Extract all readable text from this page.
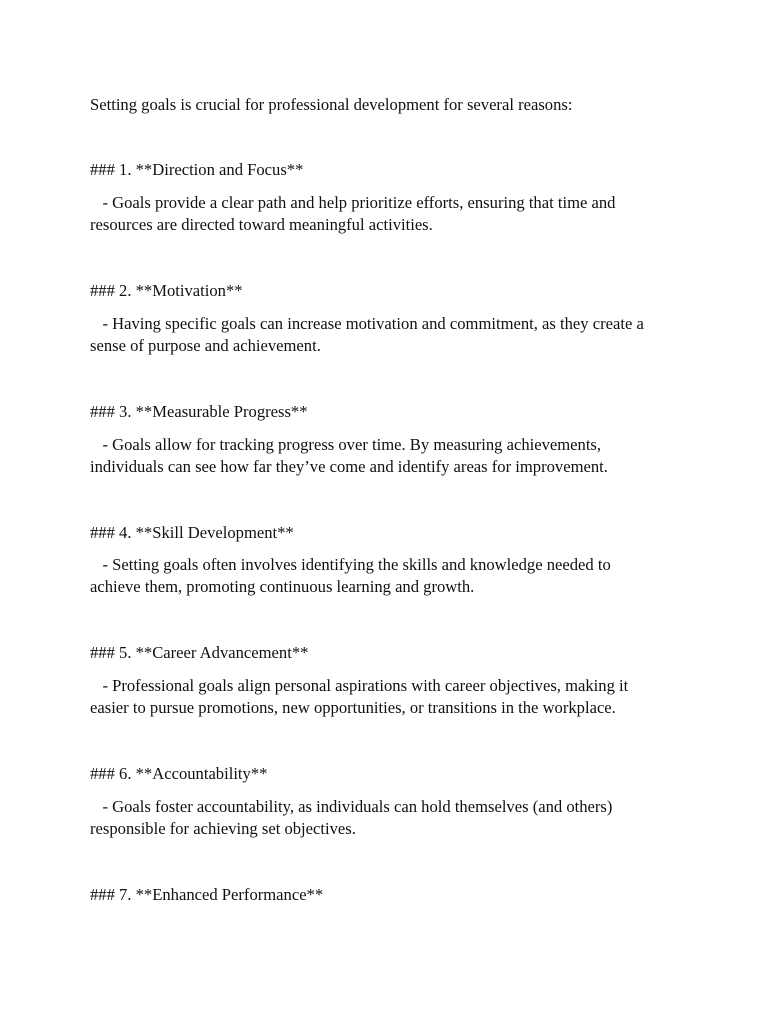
Setting goals is crucial for professional development for several reasons:

### 1. **Direction and Focus**

- Goals provide a clear path and help prioritize efforts, ensuring that time and

resources are directed toward meaningful activities.

### 2. **Motivation**

- Having specific goals can increase motivation and commitment, as they create a

sense of purpose and achievement.

### 3. **Measurable Progress**

- Goals allow for tracking progress over time. By measuring achievements,

individuals can see how far they’ve come and identify areas for improvement.

### 4. **Skill Development**

- Setting goals often involves identifying the skills and knowledge needed to

achieve them, promoting continuous learning and growth.

### 5. **Career Advancement**

- Professional goals align personal aspirations with career objectives, making it

easier to pursue promotions, new opportunities, or transitions in the workplace.

### 6. **Accountability**

- Goals foster accountability, as individuals can hold themselves (and others)

responsible for achieving set objectives.

### 7. **Enhanced Performance**
